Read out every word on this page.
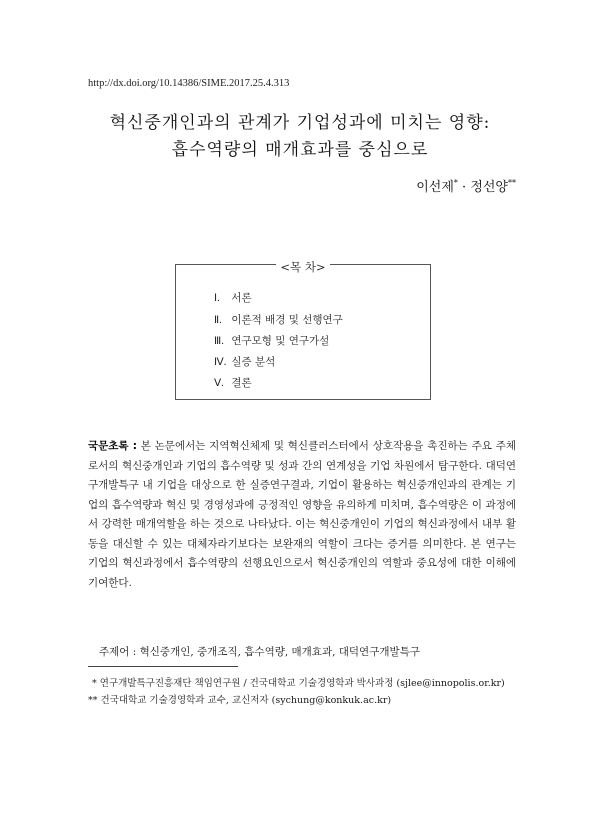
http://dx.doi.org/10.14386/SIME.2017.25.4.313
혁신중개인과의 관계가 기업성과에 미치는 영향:
흡수역량의 매개효과를 중심으로
이선제* · 정선양**
<목 차>
Ⅰ. 서론
Ⅱ. 이론적 배경 및 선행연구
Ⅲ. 연구모형 및 연구가설
Ⅳ. 실증 분석
Ⅴ. 결론
국문초록 : 본 논문에서는 지역혁신체제 및 혁신클러스터에서 상호작용을 촉진하는 주요 주체로서의 혁신중개인과 기업의 흡수역량 및 성과 간의 연계성을 기업 차원에서 탐구한다. 대덕연구개발특구 내 기업을 대상으로 한 실증연구결과, 기업이 활용하는 혁신중개인과의 관계는 기업의 흡수역량과 혁신 및 경영성과에 긍정적인 영향을 유의하게 미치며, 흡수역량은 이 과정에서 강력한 매개역할을 하는 것으로 나타났다. 이는 혁신중개인이 기업의 혁신과정에서 내부 활동을 대신할 수 있는 대체자라기보다는 보완재의 역할이 크다는 증거를 의미한다. 본 연구는 기업의 혁신과정에서 흡수역량의 선행요인으로서 혁신중개인의 역할과 중요성에 대한 이해에 기여한다.
주제어 : 혁신중개인, 중개조직, 흡수역량, 매개효과, 대덕연구개발특구
* 연구개발특구진흥재단 책임연구원 / 건국대학교 기술경영학과 박사과정 (sjlee@innopolis.or.kr)
** 건국대학교 기술경영학과 교수, 교신저자 (sychung@konkuk.ac.kr)
